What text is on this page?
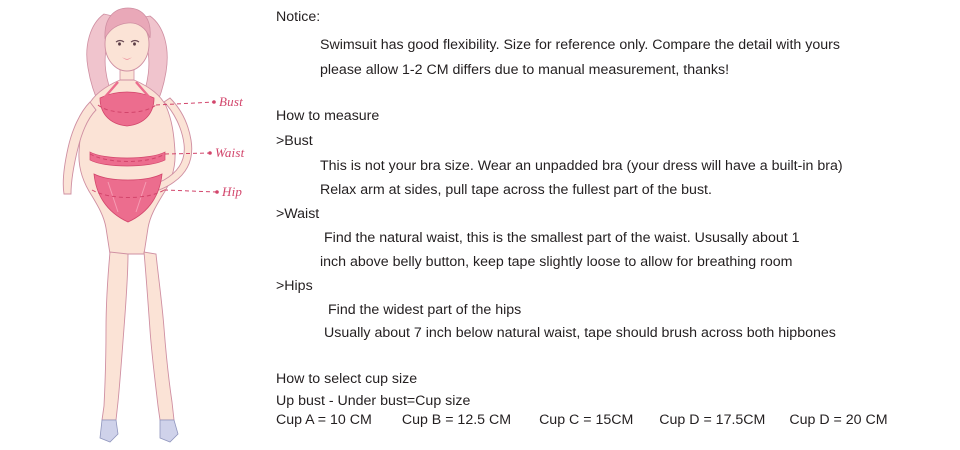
Bust
Waist
Hip
Notice:
Swimsuit has good flexibility. Size for reference only. Compare the detail with yours
please allow 1-2 CM differs due to manual measurement, thanks!
How to measure
>Bust
This is not your bra size. Wear an unpadded bra (your dress will have a built-in bra)
Relax arm at sides, pull tape across the fullest part of the bust.
>Waist
Find the natural waist, this is the smallest part of the waist. Ususally about 1
inch above belly button, keep tape slightly loose to allow for breathing room
>Hips
Find the widest part of the hips
Usually about 7 inch below natural waist, tape should brush across both hipbones
How to select cup size
Up bust - Under bust=Cup size
Cup A = 10 CM Cup B = 12.5 CM Cup C = 15CM Cup D = 17.5CM Cup D = 20 CM
